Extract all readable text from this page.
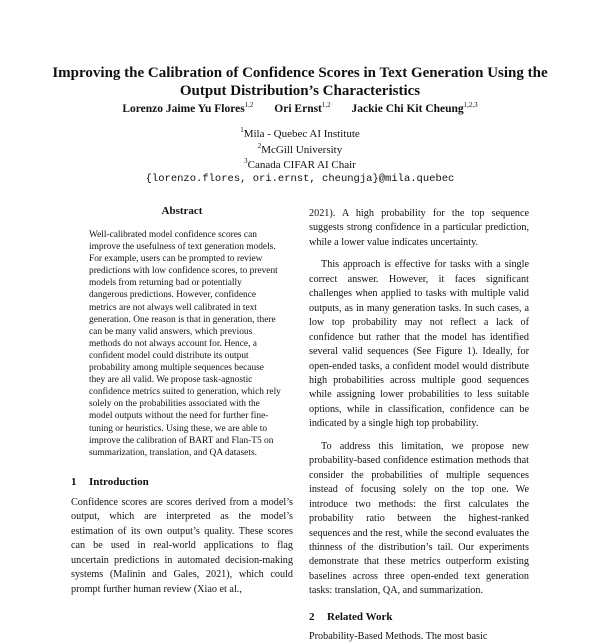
Improving the Calibration of Confidence Scores in Text Generation Using the Output Distribution’s Characteristics
Lorenzo Jaime Yu Flores$^{1,2}$ Ori Ernst$^{1,2}$ Jackie Chi Kit Cheung$^{1,2,3}$
$^1$Mila - Quebec AI Institute
$^2$McGill University
$^3$Canada CIFAR AI Chair
{lorenzo.flores, ori.ernst, cheungja}@mila.quebec
Abstract

Well-calibrated model confidence scores can improve the usefulness of text generation models. For example, users can be prompted to review predictions with low confidence scores, to prevent models from returning bad or potentially dangerous predictions. However, confidence metrics are not always well calibrated in text generation. One reason is that in generation, there can be many valid answers, which previous methods do not always account for. Hence, a confident model could distribute its output probability among multiple sequences because they are all valid. We propose task-agnostic confidence metrics suited to generation, which rely solely on the probabilities associated with the model outputs without the need for further fine-tuning or heuristics. Using these, we are able to improve the calibration of BART and Flan-T5 on summarization, translation, and QA datasets.

1 Introduction

Confidence scores are scores derived from a model’s output, which are interpreted as the model’s estimation of its own output’s quality. These scores can be used in real-world applications to flag uncertain predictions in automated decision-making systems (Malinin and Gales, 2021), which could prompt further human review (Xiao et al.,

2021). A high probability for the top sequence suggests strong confidence in a particular prediction, while a lower value indicates uncertainty.

This approach is effective for tasks with a single correct answer. However, it faces significant challenges when applied to tasks with multiple valid outputs, as in many generation tasks. In such cases, a low top probability may not reflect a lack of confidence but rather that the model has identified several valid sequences (See Figure 1). Ideally, for open-ended tasks, a confident model would distribute high probabilities across multiple good sequences while assigning lower probabilities to less suitable options, while in classification, confidence can be indicated by a single high top probability.

To address this limitation, we propose new probability-based confidence estimation methods that consider the probabilities of multiple sequences instead of focusing solely on the top one. We introduce two methods: the first calculates the probability ratio between the highest-ranked sequences and the rest, while the second evaluates the thinness of the distribution’s tail. Our experiments demonstrate that these metrics outperform existing baselines across three open-ended text generation tasks: translation, QA, and summarization.

2 Related Work

Probability-Based Methods. The most basic
